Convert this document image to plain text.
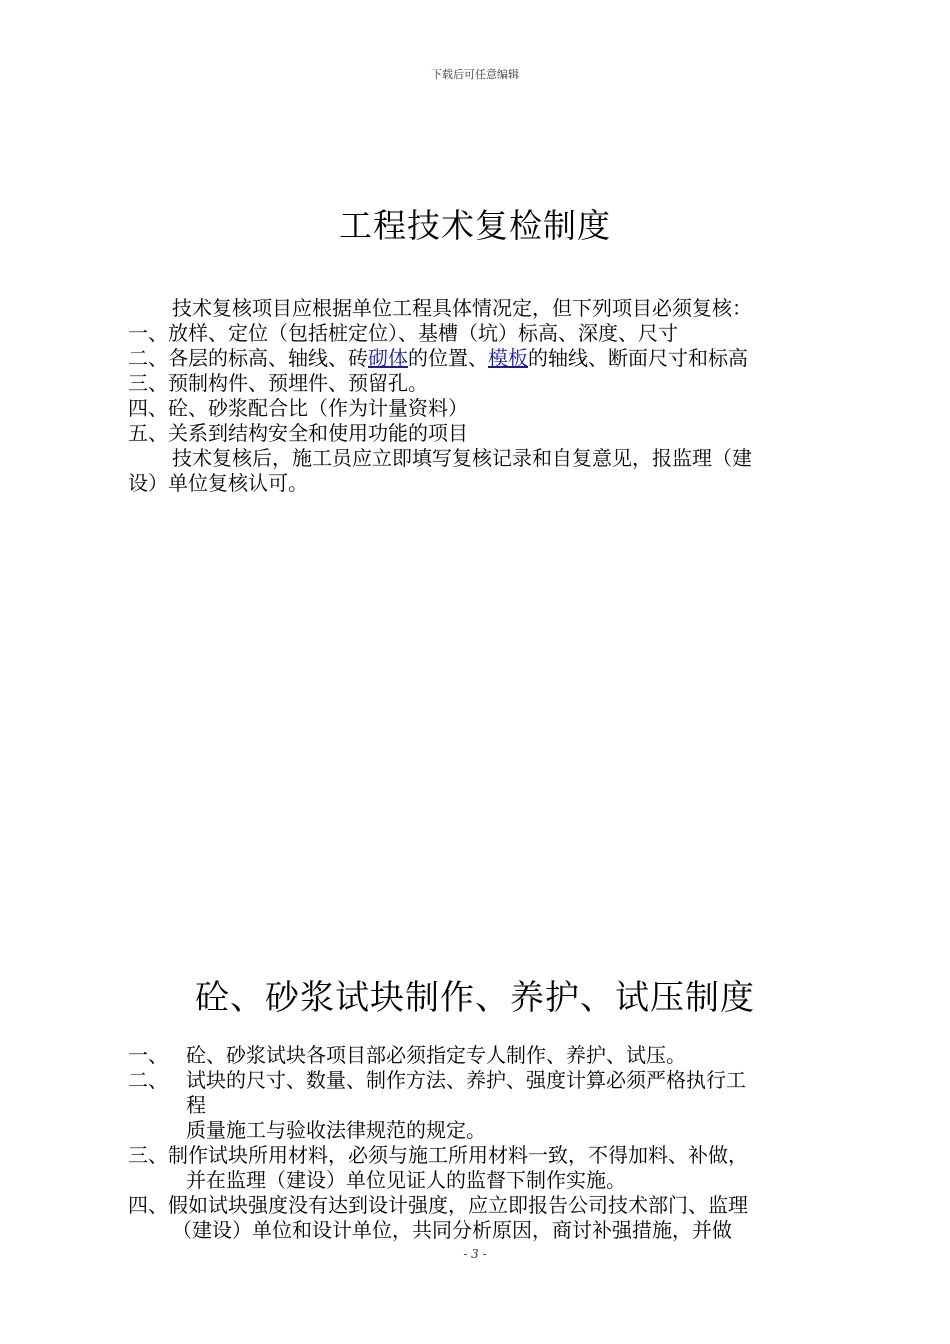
下载后可任意编辑
工程技术复检制度
技术复核项目应根据单位工程具体情况定，但下列项目必须复核：
一、放样、定位（包括桩定位）、基槽（坑）标高、深度、尺寸
二、各层的标高、轴线、砖砌体的位置、模板的轴线、断面尺寸和标高
三、预制构件、预埋件、预留孔。
四、砼、砂浆配合比（作为计量资料）
五、关系到结构安全和使用功能的项目
技术复核后，施工员应立即填写复核记录和自复意见，报监理（建
设）单位复核认可。
砼、砂浆试块制作、养护、试压制度
一、 砼、砂浆试块各项目部必须指定专人制作、养护、试压。
二、 试块的尺寸、数量、制作方法、养护、强度计算必须严格执行工
程
质量施工与验收法律规范的规定。
三、制作试块所用材料，必须与施工所用材料一致，不得加料、补做，
并在监理（建设）单位见证人的监督下制作实施。
四、假如试块强度没有达到设计强度，应立即报告公司技术部门、监理
（建设）单位和设计单位，共同分析原因，商讨补强措施，并做
- 3 -
